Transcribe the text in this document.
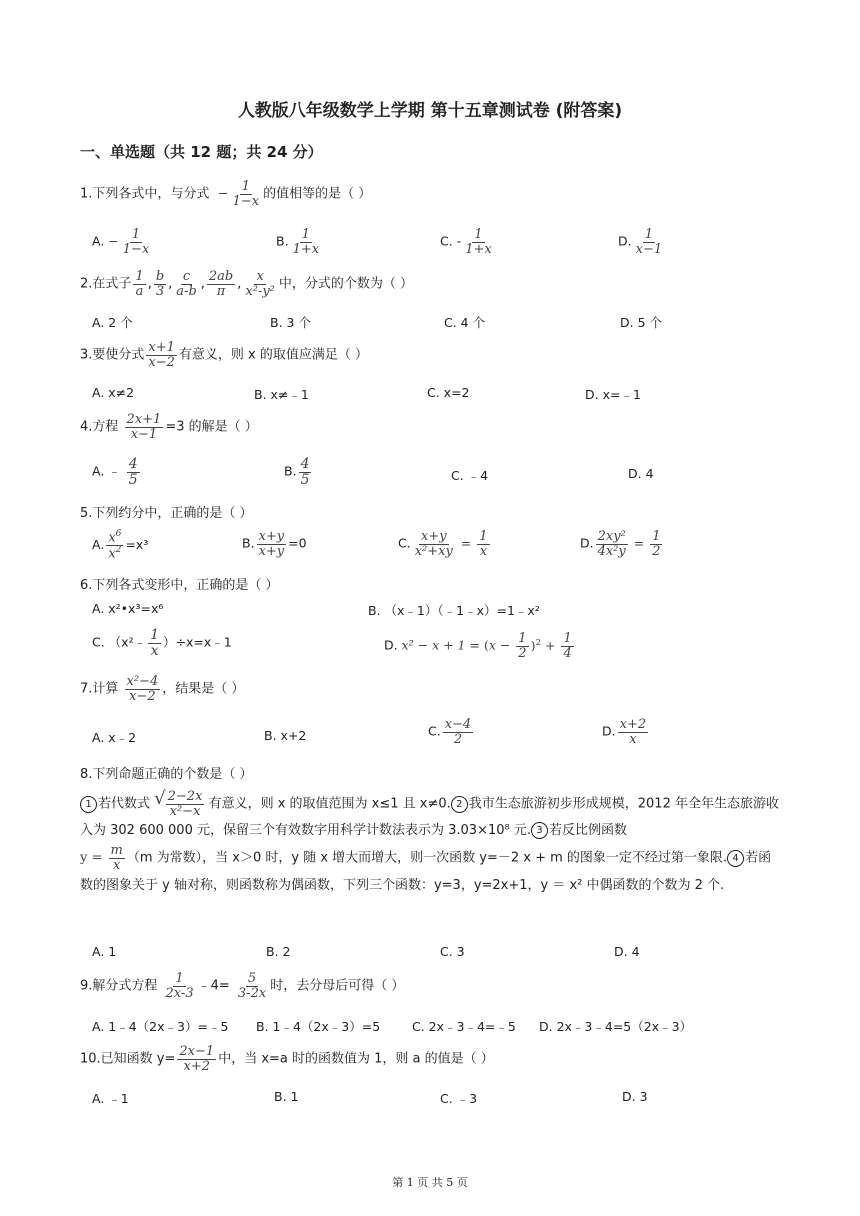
人教版八年级数学上学期 第十五章测试卷 (附答案)
一、单选题（共 12 题；共 24 分）
1.下列各式中，与分式  − $\frac{1}{1-x}$ 的值相等的是（ ）
A. − $\frac{1}{1-x}$	B. $\frac{1}{1+x}$	C. - $\frac{1}{1+x}$	D. $\frac{1}{x-1}$
2.在式子 $\frac{1}{a}$ , $\frac{b}{3}$ , $\frac{c}{a-b}$ , $\frac{2ab}{\pi}$ , $\frac{x}{\text{x²-y²}}$ 中，分式的个数为（ ）
A. 2 个	B. 3 个	C. 4 个	D. 5 个
3.要使分式 $\frac{x+1}{x-2}$ 有意义，则 x 的取值应满足（ ）
A. x≠2	B. x≠﹣1	C. x=2	D. x=﹣1
4.方程 $\frac{2x+1}{x-1} =3$ 的解是（ ）
A. ﹣ $\frac{4}{5}$	B. $\frac{4}{5}$	C. ﹣4	D. 4
5.下列约分中，正确的是（ ）
A. $\frac{x^6}{x^2} =x^3$	B. $\frac{x+y}{x+y} =0$	C. $\frac{x+y}{\text{x²+xy}} = \frac{1}{x}$	D. $\frac{\text{2xy²}}{\text{4x²y}} = \frac{1}{2}$
6.下列各式变形中，正确的是（ ）
A. x²•x³=x⁶	B. （x﹣1）（﹣1﹣x）=1﹣x²
C. （x²﹣ $\frac{1}{x}$ ）÷x=x﹣1	D. $x^2 - x + 1 = (x - \frac{1}{2} )^2 + \frac{1}{4}$
7.计算 $\frac{\text{x²−4}}{x-2}$ ，结果是（ ）
A. x﹣2	B. x+2	C. $\frac{x-4}{2}$	D. $\frac{x+2}{x}$
8.下列命题正确的个数是（ ）
1 若代数式 √ $\frac{2-2x}{\text{x²−x}}$ 有意义，则 x 的取值范围为 x≤1 且 x≠0. 2 我市生态旅游初步形成规模，2012 年全年生态旅游收入为 302 600 000 元，保留三个有效数字用科学计数法表示为 3.03×10⁸ 元. 3 若反比例函数
$y = \frac{m}{x} (m$ 为常数），当 x＞0 时，y 随 x 增大而增大，则一次函数 y=－2 x + m 的图象一定不经过第一象限. 4 若函数的图象关于 y 轴对称，则函数称为偶函数，下列三个函数：y=3，y=2x+1，y ＝ x² 中偶函数的个数为 2 个.
A. 1	B. 2	C. 3	D. 4
9.解分式方程 $\frac{1}{2x-3}$ ﹣4= $\frac{5}{3-2x}$ 时，去分母后可得（ ）
A. 1﹣4（2x﹣3）=﹣5 B. 1﹣4（2x﹣3）=5	C. 2x﹣3﹣4=﹣5 D. 2x﹣3﹣4=5（2x﹣3）
10.已知函数 $y= \frac{2x-1}{x+2}$ 中，当 x=a 时的函数值为 1，则 a 的值是（ ）
A. ﹣1	B. 1	C. ﹣3	D. 3
第 1 页 共 5 页
